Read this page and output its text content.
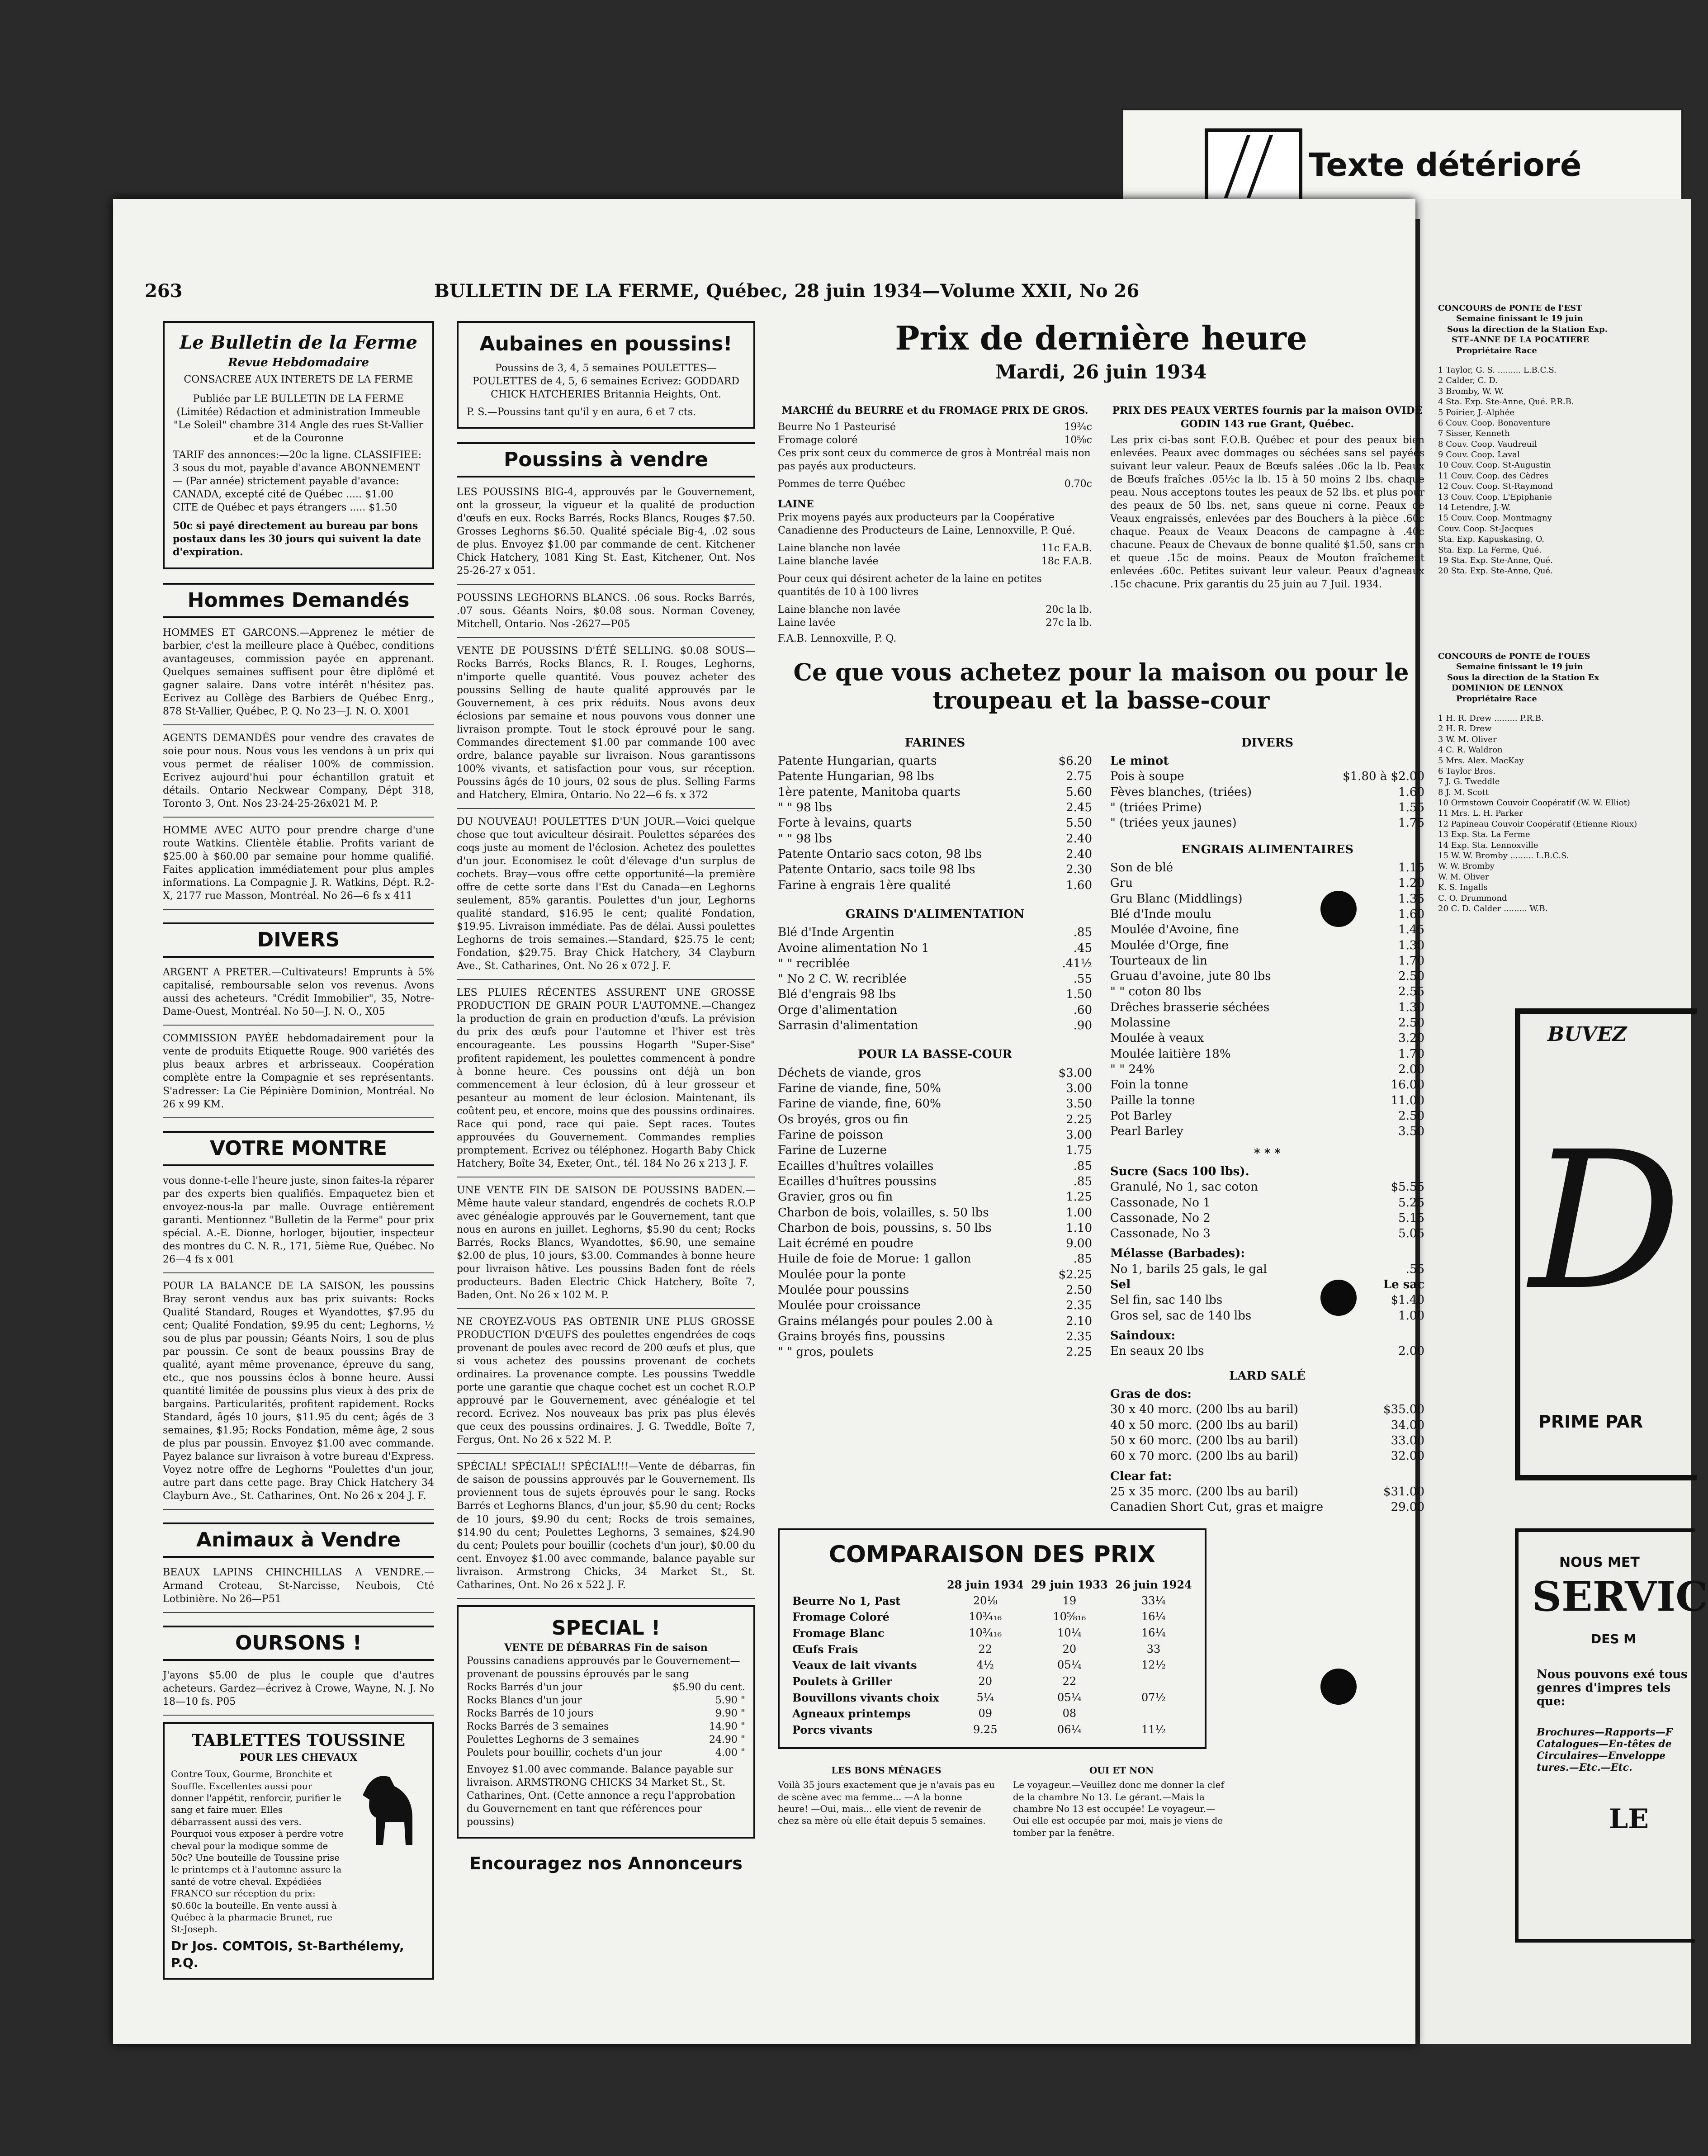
Texte détérioré
CONCOURS de PONTE de l'EST
Semaine finissant le 19 juin
Sous la direction de la Station Exp.
STE-ANNE DE LA POCATIERE
Propriétaire Race
1 Taylor, G. S. ......... L.B.C.S.
2 Calder, C. D.
3 Bromby, W. W.
4 Sta. Exp. Ste-Anne, Qué. P.R.B.
5 Poirier, J.-Alphée
6 Couv. Coop. Bonaventure
7 Sisser, Kenneth
8 Couv. Coop. Vaudreuil
9 Couv. Coop. Laval
10 Couv. Coop. St-Augustin
11 Couv. Coop. des Cèdres
12 Couv. Coop. St-Raymond
13 Couv. Coop. L'Epiphanie
14 Letendre, J.-W.
15 Couv. Coop. Montmagny
Couv. Coop. St-Jacques
Sta. Exp. Kapuskasing, O.
Sta. Exp. La Ferme, Qué.
19 Sta. Exp. Ste-Anne, Qué.
20 Sta. Exp. Ste-Anne, Qué.
CONCOURS de PONTE de l'OUES
Semaine finissant le 19 juin
Sous la direction de la Station Ex
DOMINION DE LENNOX
Propriétaire Race
1 H. R. Drew ......... P.R.B.
2 H. R. Drew
3 W. M. Oliver
4 C. R. Waldron
5 Mrs. Alex. MacKay
6 Taylor Bros.
7 J. G. Tweddle
8 J. M. Scott
10 Ormstown Couvoir Coopératif (W. W. Elliot)
11 Mrs. L. H. Parker
12 Papineau Couvoir Coopératif (Etienne Rioux)
13 Exp. Sta. La Ferme
14 Exp. Sta. Lennoxville
15 W. W. Bromby ......... L.B.C.S.
W. W. Bromby
W. M. Oliver
K. S. Ingalls
C. O. Drummond
20 C. D. Calder ......... W.B.
BUVEZ
D
PRIME PAR
NOUS MET
SERVIC
DES M
Nous pouvons exé tous genres d'impres tels que:
Brochures—Rapports—F Catalogues—En-têtes de Circulaires—Enveloppe tures.—Etc.—Etc.
LE
263	BULLETIN DE LA FERME, Québec, 28 juin 1934—Volume XXII, No 26
Le Bulletin de la Ferme
Revue Hebdomadaire
CONSACREE AUX INTERETS DE LA FERME
Publiée par LE BULLETIN DE LA FERME (Limitée) Rédaction et administration Immeuble "Le Soleil" chambre 314 Angle des rues St-Vallier et de la Couronne
TARIF des annonces:—20c la ligne. CLASSIFIEE: 3 sous du mot, payable d'avance ABONNEMENT — (Par année) strictement payable d'avance:
CANADA, excepté cité de Québec ..... $1.00
CITE de Québec et pays étrangers ..... $1.50
50c si payé directement au bureau par bons postaux dans les 30 jours qui suivent la date d'expiration.
Hommes Demandés
HOMMES ET GARCONS.—Apprenez le métier de barbier, c'est la meilleure place à Québec, conditions avantageuses, commission payée en apprenant. Quelques semaines suffisent pour être diplômé et gagner salaire. Dans votre intérêt n'hésitez pas. Ecrivez au Collège des Barbiers de Québec Enrg., 878 St-Vallier, Québec, P. Q. No 23—J. N. O. X001
AGENTS DEMANDÉS pour vendre des cravates de soie pour nous. Nous vous les vendons à un prix qui vous permet de réaliser 100% de commission. Ecrivez aujourd'hui pour échantillon gratuit et détails. Ontario Neckwear Company, Dépt 318, Toronto 3, Ont. Nos 23-24-25-26x021 M. P.
HOMME AVEC AUTO pour prendre charge d'une route Watkins. Clientèle établie. Profits variant de $25.00 à $60.00 par semaine pour homme qualifié. Faites application immédiatement pour plus amples informations. La Compagnie J. R. Watkins, Dépt. R.2-X, 2177 rue Masson, Montréal. No 26—6 fs x 411
DIVERS
ARGENT A PRETER.—Cultivateurs! Emprunts à 5% capitalisé, remboursable selon vos revenus. Avons aussi des acheteurs. "Crédit Immobilier", 35, Notre-Dame-Ouest, Montréal. No 50—J. N. O., X05
COMMISSION PAYÉE hebdomadairement pour la vente de produits Etiquette Rouge. 900 variétés des plus beaux arbres et arbrisseaux. Coopération complète entre la Compagnie et ses représentants. S'adresser: La Cie Pépinière Dominion, Montréal. No 26 x 99 KM.
VOTRE MONTRE
vous donne-t-elle l'heure juste, sinon faites-la réparer par des experts bien qualifiés. Empaquetez bien et envoyez-nous-la par malle. Ouvrage entièrement garanti. Mentionnez "Bulletin de la Ferme" pour prix spécial. A.-E. Dionne, horloger, bijoutier, inspecteur des montres du C. N. R., 171, 5ième Rue, Québec. No 26—4 fs x 001
POUR LA BALANCE DE LA SAISON, les poussins Bray seront vendus aux bas prix suivants: Rocks Qualité Standard, Rouges et Wyandottes, $7.95 du cent; Qualité Fondation, $9.95 du cent; Leghorns, ½ sou de plus par poussin; Géants Noirs, 1 sou de plus par poussin. Ce sont de beaux poussins Bray de qualité, ayant même provenance, épreuve du sang, etc., que nos poussins éclos à bonne heure. Aussi quantité limitée de poussins plus vieux à des prix de bargains. Particularités, profitent rapidement. Rocks Standard, âgés 10 jours, $11.95 du cent; âgés de 3 semaines, $1.95; Rocks Fondation, même âge, 2 sous de plus par poussin. Envoyez $1.00 avec commande. Payez balance sur livraison à votre bureau d'Express. Voyez notre offre de Leghorns "Poulettes d'un jour, autre part dans cette page. Bray Chick Hatchery 34 Clayburn Ave., St. Catharines, Ont. No 26 x 204 J. F.
Animaux à Vendre
BEAUX LAPINS CHINCHILLAS A VENDRE.—Armand Croteau, St-Narcisse, Neubois, Cté Lotbinière. No 26—P51
OURSONS !
J'ayons $5.00 de plus le couple que d'autres acheteurs. Gardez—écrivez à Crowe, Wayne, N. J. No 18—10 fs. P05
TABLETTES TOUSSINE
POUR LES CHEVAUX
Contre Toux, Gourme, Bronchite et Souffle. Excellentes aussi pour donner l'appétit, renforcir, purifier le sang et faire muer. Elles débarrassent aussi des vers. Pourquoi vous exposer à perdre votre cheval pour la modique somme de 50c? Une bouteille de Toussine prise le printemps et à l'automne assure la santé de votre cheval. Expédiées FRANCO sur réception du prix: $0.60c la bouteille. En vente aussi à Québec à la pharmacie Brunet, rue St-Joseph.
Dr Jos. COMTOIS, St-Barthélemy, P.Q.
Aubaines en poussins!
Poussins de 3, 4, 5 semaines POULETTES—POULETTES de 4, 5, 6 semaines Ecrivez: GODDARD CHICK HATCHERIES Britannia Heights, Ont.
P. S.—Poussins tant qu'il y en aura, 6 et 7 cts.
Poussins à vendre
LES POUSSINS BIG-4, approuvés par le Gouvernement, ont la grosseur, la vigueur et la qualité de production d'œufs en eux. Rocks Barrés, Rocks Blancs, Rouges $7.50. Grosses Leghorns $6.50. Qualité spéciale Big-4, .02 sous de plus. Envoyez $1.00 par commande de cent. Kitchener Chick Hatchery, 1081 King St. East, Kitchener, Ont. Nos 25-26-27 x 051.
POUSSINS LEGHORNS BLANCS. .06 sous. Rocks Barrés, .07 sous. Géants Noirs, $0.08 sous. Norman Coveney, Mitchell, Ontario. Nos -2627—P05
VENTE DE POUSSINS D'ÉTÉ SELLING. $0.08 SOUS—Rocks Barrés, Rocks Blancs, R. I. Rouges, Leghorns, n'importe quelle quantité. Vous pouvez acheter des poussins Selling de haute qualité approuvés par le Gouvernement, à ces prix réduits. Nous avons deux éclosions par semaine et nous pouvons vous donner une livraison prompte. Tout le stock éprouvé pour le sang. Commandes directement $1.00 par commande 100 avec ordre, balance payable sur livraison. Nous garantissons 100% vivants, et satisfaction pour vous, sur réception. Poussins âgés de 10 jours, 02 sous de plus. Selling Farms and Hatchery, Elmira, Ontario. No 22—6 fs. x 372
DU NOUVEAU! POULETTES D'UN JOUR.—Voici quelque chose que tout aviculteur désirait. Poulettes séparées des coqs juste au moment de l'éclosion. Achetez des poulettes d'un jour. Economisez le coût d'élevage d'un surplus de cochets. Bray—vous offre cette opportunité—la première offre de cette sorte dans l'Est du Canada—en Leghorns seulement, 85% garantis. Poulettes d'un jour, Leghorns qualité standard, $16.95 le cent; qualité Fondation, $19.95. Livraison immédiate. Pas de délai. Aussi poulettes Leghorns de trois semaines.—Standard, $25.75 le cent; Fondation, $29.75. Bray Chick Hatchery, 34 Clayburn Ave., St. Catharines, Ont. No 26 x 072 J. F.
LES PLUIES RÉCENTES ASSURENT UNE GROSSE PRODUCTION DE GRAIN POUR L'AUTOMNE.—Changez la production de grain en production d'œufs. La prévision du prix des œufs pour l'automne et l'hiver est très encourageante. Les poussins Hogarth "Super-Sise" profitent rapidement, les poulettes commencent à pondre à bonne heure. Ces poussins ont déjà un bon commencement à leur éclosion, dû à leur grosseur et pesanteur au moment de leur éclosion. Maintenant, ils coûtent peu, et encore, moins que des poussins ordinaires. Race qui pond, race qui paie. Sept races. Toutes approuvées du Gouvernement. Commandes remplies promptement. Ecrivez ou téléphonez. Hogarth Baby Chick Hatchery, Boîte 34, Exeter, Ont., tél. 184 No 26 x 213 J. F.
UNE VENTE FIN DE SAISON DE POUSSINS BADEN.—Même haute valeur standard, engendrés de cochets R.O.P avec généalogie approuvés par le Gouvernement, tant que nous en aurons en juillet. Leghorns, $5.90 du cent; Rocks Barrés, Rocks Blancs, Wyandottes, $6.90, une semaine $2.00 de plus, 10 jours, $3.00. Commandes à bonne heure pour livraison hâtive. Les poussins Baden font de réels producteurs. Baden Electric Chick Hatchery, Boîte 7, Baden, Ont. No 26 x 102 M. P.
NE CROYEZ-VOUS PAS OBTENIR UNE PLUS GROSSE PRODUCTION D'ŒUFS des poulettes engendrées de coqs provenant de poules avec record de 200 œufs et plus, que si vous achetez des poussins provenant de cochets ordinaires. La provenance compte. Les poussins Tweddle porte une garantie que chaque cochet est un cochet R.O.P approuvé par le Gouvernement, avec généalogie et tel record. Ecrivez. Nos nouveaux bas prix pas plus élevés que ceux des poussins ordinaires. J. G. Tweddle, Boîte 7, Fergus, Ont. No 26 x 522 M. P.
SPÉCIAL! SPÉCIAL!! SPÉCIAL!!!—Vente de débarras, fin de saison de poussins approuvés par le Gouvernement. Ils proviennent tous de sujets éprouvés pour le sang. Rocks Barrés et Leghorns Blancs, d'un jour, $5.90 du cent; Rocks de 10 jours, $9.90 du cent; Rocks de trois semaines, $14.90 du cent; Poulettes Leghorns, 3 semaines, $24.90 du cent; Poulets pour bouillir (cochets d'un jour), $0.00 du cent. Envoyez $1.00 avec commande, balance payable sur livraison. Armstrong Chicks, 34 Market St., St. Catharines, Ont. No 26 x 522 J. F.
SPECIAL !
VENTE DE DÉBARRAS Fin de saison
Poussins canadiens approuvés par le Gouvernement—provenant de poussins éprouvés par le sang
Rocks Barrés d'un jour	$5.90 du cent.
Rocks Blancs d'un jour	5.90 "
Rocks Barrés de 10 jours	9.90 "
Rocks Barrés de 3 semaines	14.90 "
Poulettes Leghorns de 3 semaines	24.90 "
Poulets pour bouillir, cochets d'un jour	4.00 "
Envoyez $1.00 avec commande. Balance payable sur livraison. ARMSTRONG CHICKS 34 Market St., St. Catharines, Ont. (Cette annonce a reçu l'approbation du Gouvernement en tant que références pour poussins)
Encouragez nos Annonceurs
Prix de dernière heure
Mardi, 26 juin 1934
MARCHÉ du BEURRE et du FROMAGE PRIX DE GROS.
Beurre No 1 Pasteurisé	19¾c
Fromage coloré	10⅝c
Ces prix sont ceux du commerce de gros à Montréal mais non pas payés aux producteurs.
Pommes de terre Québec	0.70c
LAINE
Prix moyens payés aux producteurs par la Coopérative Canadienne des Producteurs de Laine, Lennoxville, P. Qué.
Laine blanche non lavée	11c F.A.B.
Laine blanche lavée	18c F.A.B.
Pour ceux qui désirent acheter de la laine en petites quantités de 10 à 100 livres
Laine blanche non lavée	20c la lb.
Laine lavée	27c la lb.
F.A.B. Lennoxville, P. Q.
PRIX DES PEAUX VERTES fournis par la maison OVIDE GODIN 143 rue Grant, Québec.
Les prix ci-bas sont F.O.B. Québec et pour des peaux bien enlevées. Peaux avec dommages ou séchées sans sel payées suivant leur valeur. Peaux de Bœufs salées .06c la lb. Peaux de Bœufs fraîches .05½c la lb. 15 à 50 moins 2 lbs. chaque peau. Nous acceptons toutes les peaux de 52 lbs. et plus pour des peaux de 50 lbs. net, sans queue ni corne. Peaux de Veaux engraissés, enlevées par des Bouchers à la pièce .60c chaque. Peaux de Veaux Deacons de campagne à .40c chacune. Peaux de Chevaux de bonne qualité $1.50, sans crin et queue .15c de moins. Peaux de Mouton fraîchement enlevées .60c. Petites suivant leur valeur. Peaux d'agneaux .15c chacune. Prix garantis du 25 juin au 7 Juil. 1934.
Ce que vous achetez pour la maison ou pour le troupeau et la basse-cour
FARINES
Patente Hungarian, quarts	$6.20
Patente Hungarian, 98 lbs	2.75
1ère patente, Manitoba quarts	5.60
" " 98 lbs	2.45
Forte à levains, quarts	5.50
" " 98 lbs	2.40
Patente Ontario sacs coton, 98 lbs	2.40
Patente Ontario, sacs toile 98 lbs	2.30
Farine à engrais 1ère qualité	1.60
GRAINS D'ALIMENTATION
Blé d'Inde Argentin	.85
Avoine alimentation No 1	.45
" " recriblée	.41½
" No 2 C. W. recriblée	.55
Blé d'engrais 98 lbs	1.50
Orge d'alimentation	.60
Sarrasin d'alimentation	.90
POUR LA BASSE-COUR
Déchets de viande, gros	$3.00
Farine de viande, fine, 50%	3.00
Farine de viande, fine, 60%	3.50
Os broyés, gros ou fin	2.25
Farine de poisson	3.00
Farine de Luzerne	1.75
Ecailles d'huîtres volailles	.85
Ecailles d'huîtres poussins	.85
Gravier, gros ou fin	1.25
Charbon de bois, volailles, s. 50 lbs	1.00
Charbon de bois, poussins, s. 50 lbs	1.10
Lait écrémé en poudre	9.00
Huile de foie de Morue: 1 gallon	.85
Moulée pour la ponte	$2.25
Moulée pour poussins	2.50
Moulée pour croissance	2.35
Grains mélangés pour poules 2.00 à	2.10
Grains broyés fins, poussins	2.35
" " gros, poulets	2.25
DIVERS
Le minot
Pois à soupe	$1.80 à $2.00
Fèves blanches, (triées)	1.60
" (triées Prime)	1.55
" (triées yeux jaunes)	1.75
ENGRAIS ALIMENTAIRES
Son de blé	1.15
Gru	1.20
Gru Blanc (Middlings)	1.35
Blé d'Inde moulu	1.60
Moulée d'Avoine, fine	1.45
Moulée d'Orge, fine	1.30
Tourteaux de lin	1.70
Gruau d'avoine, jute 80 lbs	2.50
" " coton 80 lbs	2.55
Drêches brasserie séchées	1.30
Molassine	2.50
Moulée à veaux	3.20
Moulée laitière 18%	1.70
" " 24%	2.00
Foin la tonne	16.00
Paille la tonne	11.00
Pot Barley	2.50
Pearl Barley	3.50
* * *
Sucre (Sacs 100 lbs).
Granulé, No 1, sac coton	$5.55
Cassonade, No 1	5.25
Cassonade, No 2	5.15
Cassonade, No 3	5.05
Mélasse (Barbades):
No 1, barils 25 gals, le gal	.55
Sel	Le sac
Sel fin, sac 140 lbs	$1.40
Gros sel, sac de 140 lbs	1.00
Saindoux:
En seaux 20 lbs	2.00
LARD SALÉ
Gras de dos:
30 x 40 morc. (200 lbs au baril)	$35.00
40 x 50 morc. (200 lbs au baril)	34.00
50 x 60 morc. (200 lbs au baril)	33.00
60 x 70 morc. (200 lbs au baril)	32.00
Clear fat:
25 x 35 morc. (200 lbs au baril)	$31.00
Canadien Short Cut, gras et maigre	29.00
COMPARAISON DES PRIX
	28 juin 1934	29 juin 1933	26 juin 1924
Beurre No 1, Past	20⅛	19	33¼
Fromage Coloré	10¾₁₆	10⅝₁₆	16¼
Fromage Blanc	10¾₁₆	10¼	16¼
Œufs Frais	22	20	33
Veaux de lait vivants	4½	05¼	12½
Poulets à Griller	20	22	
Bouvillons vivants choix	5¼	05¼	07½
Agneaux printemps	09	08	
Porcs vivants	9.25	06¼	11½
LES BONS MÉNAGES
Voilà 35 jours exactement que je n'avais pas eu de scène avec ma femme... —A la bonne heure! —Oui, mais... elle vient de revenir de chez sa mère où elle était depuis 5 semaines.
OUI ET NON
Le voyageur.—Veuillez donc me donner la clef de la chambre No 13. Le gérant.—Mais la chambre No 13 est occupée! Le voyageur.—Oui elle est occupée par moi, mais je viens de tomber par la fenêtre.
